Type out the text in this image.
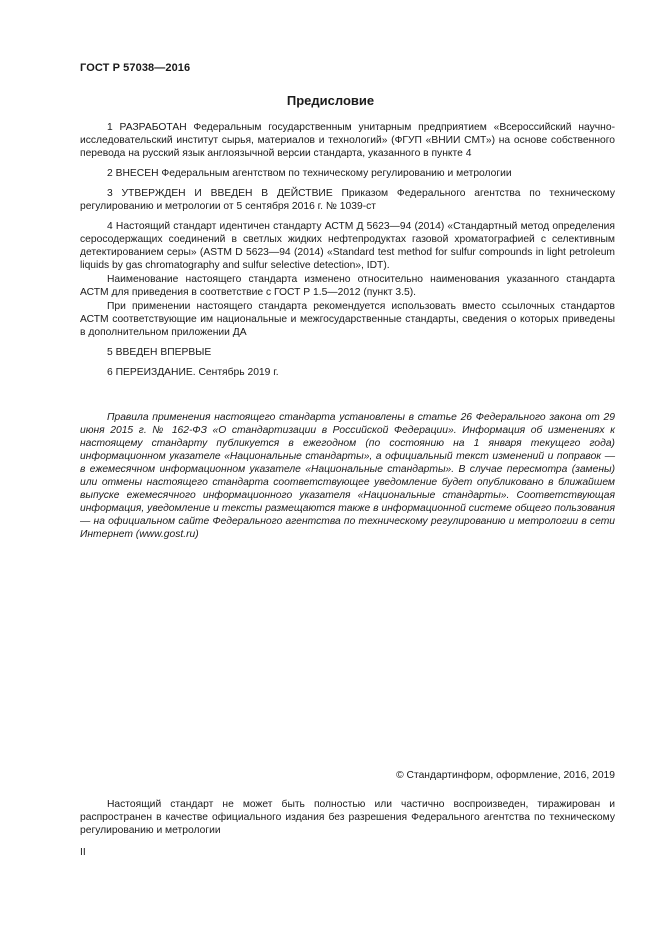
ГОСТ Р 57038—2016
Предисловие

1 РАЗРАБОТАН Федеральным государственным унитарным предприятием «Всероссийский научно-исследовательский институт сырья, материалов и технологий» (ФГУП «ВНИИ СМТ») на основе собственного перевода на русский язык англоязычной версии стандарта, указанного в пункте 4

2 ВНЕСЕН Федеральным агентством по техническому регулированию и метрологии

3 УТВЕРЖДЕН И ВВЕДЕН В ДЕЙСТВИЕ Приказом Федерального агентства по техническому регулированию и метрологии от 5 сентября 2016 г. № 1039-ст

4 Настоящий стандарт идентичен стандарту АСТМ Д 5623—94 (2014) «Стандартный метод определения серосодержащих соединений в светлых жидких нефтепродуктах газовой хроматографией с селективным детектированием серы» (ASTM D 5623—94 (2014) «Standard test method for sulfur compounds in light petroleum liquids by gas chromatography and sulfur selective detection», IDT).

Наименование настоящего стандарта изменено относительно наименования указанного стандарта АСТМ для приведения в соответствие с ГОСТ Р 1.5—2012 (пункт 3.5).

При применении настоящего стандарта рекомендуется использовать вместо ссылочных стандартов АСТМ соответствующие им национальные и межгосударственные стандарты, сведения о которых приведены в дополнительном приложении ДА

5 ВВЕДЕН ВПЕРВЫЕ

6 ПЕРЕИЗДАНИЕ. Сентябрь 2019 г.

Правила применения настоящего стандарта установлены в статье 26 Федерального закона от 29 июня 2015 г. № 162-ФЗ «О стандартизации в Российской Федерации». Информация об изменениях к настоящему стандарту публикуется в ежегодном (по состоянию на 1 января текущего года) информационном указателе «Национальные стандарты», а официальный текст изменений и поправок — в ежемесячном информационном указателе «Национальные стандарты». В случае пересмотра (замены) или отмены настоящего стандарта соответствующее уведомление будет опубликовано в ближайшем выпуске ежемесячного информационного указателя «Национальные стандарты». Соответствующая информация, уведомление и тексты размещаются также в информационной системе общего пользования — на официальном сайте Федерального агентства по техническому регулированию и метрологии в сети Интернет (www.gost.ru)

© Стандартинформ, оформление, 2016, 2019

Настоящий стандарт не может быть полностью или частично воспроизведен, тиражирован и распространен в качестве официального издания без разрешения Федерального агентства по техническому регулированию и метрологии

II
